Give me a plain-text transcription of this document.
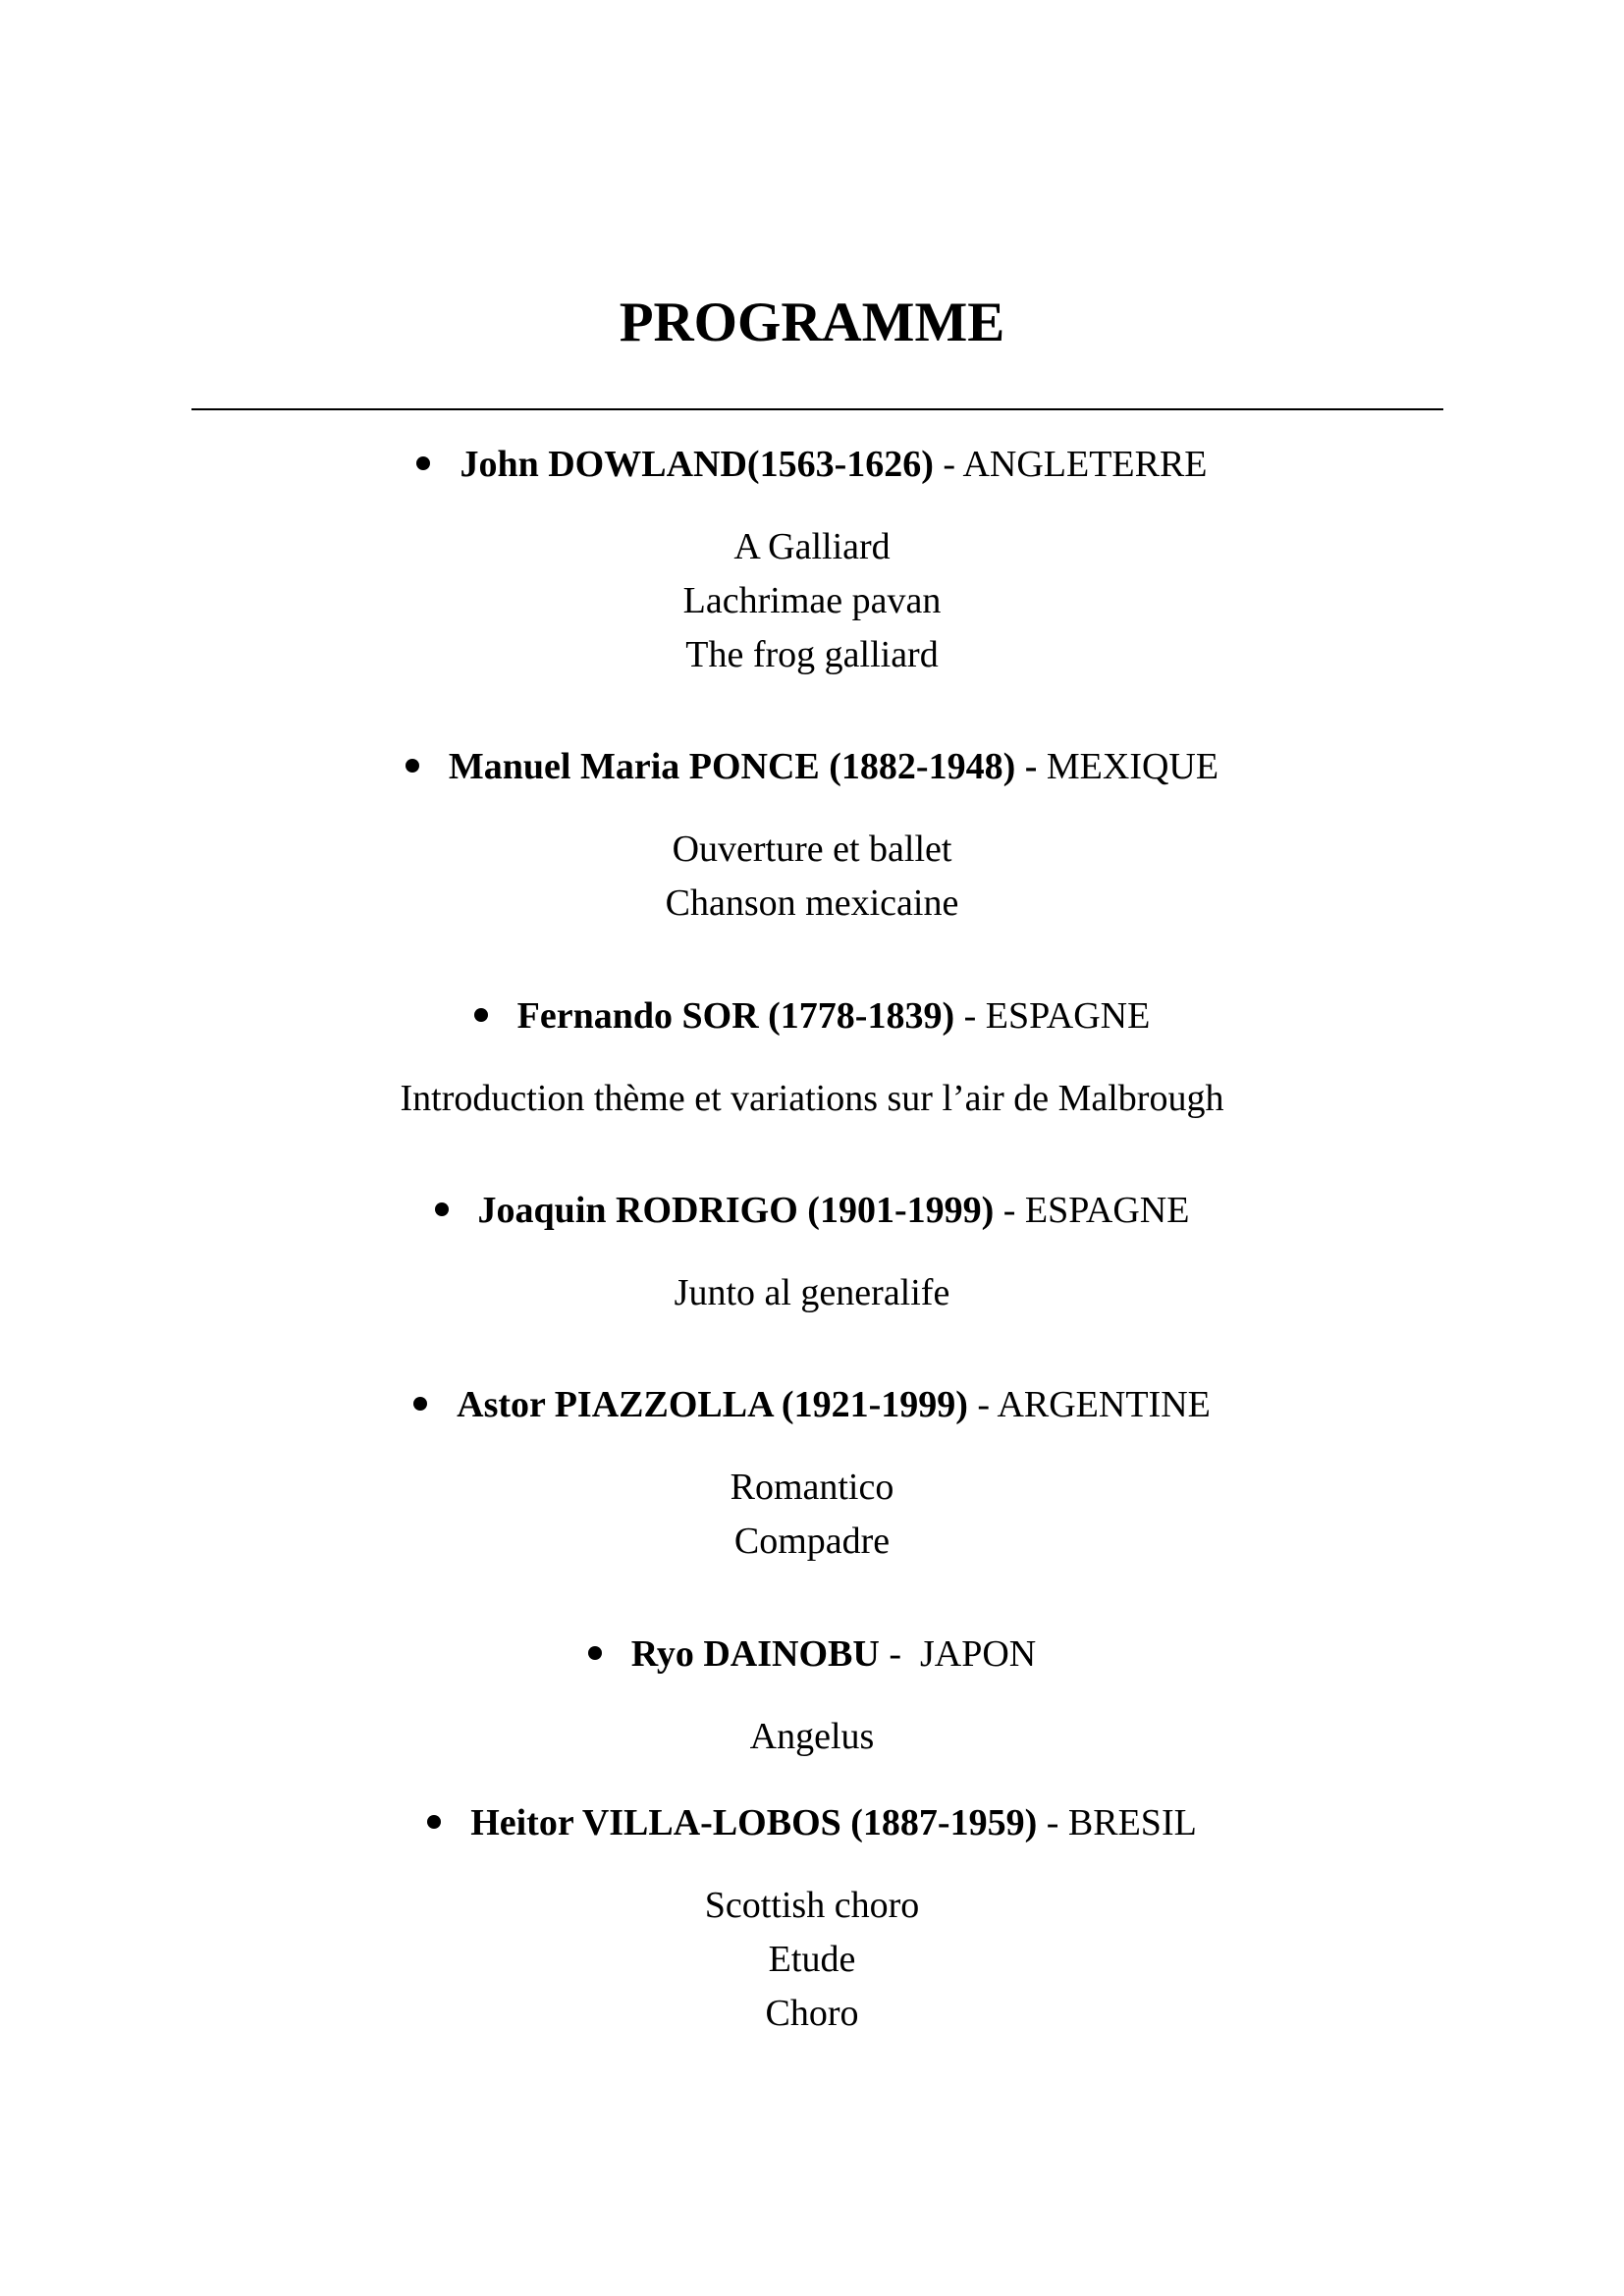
PROGRAMME
John DOWLAND(1563-1626) - ANGLETERRE
A Galliard
Lachrimae pavan
The frog galliard
Manuel Maria PONCE (1882-1948) - MEXIQUE
Ouverture et ballet
Chanson mexicaine
Fernando SOR (1778-1839) - ESPAGNE
Introduction thème et variations sur l’air de Malbrough
Joaquin RODRIGO (1901-1999) - ESPAGNE
Junto al generalife
Astor PIAZZOLLA (1921-1999) - ARGENTINE
Romantico
Compadre
Ryo DAINOBU -  JAPON
Angelus
Heitor VILLA-LOBOS (1887-1959) - BRESIL
Scottish choro
Etude
Choro
